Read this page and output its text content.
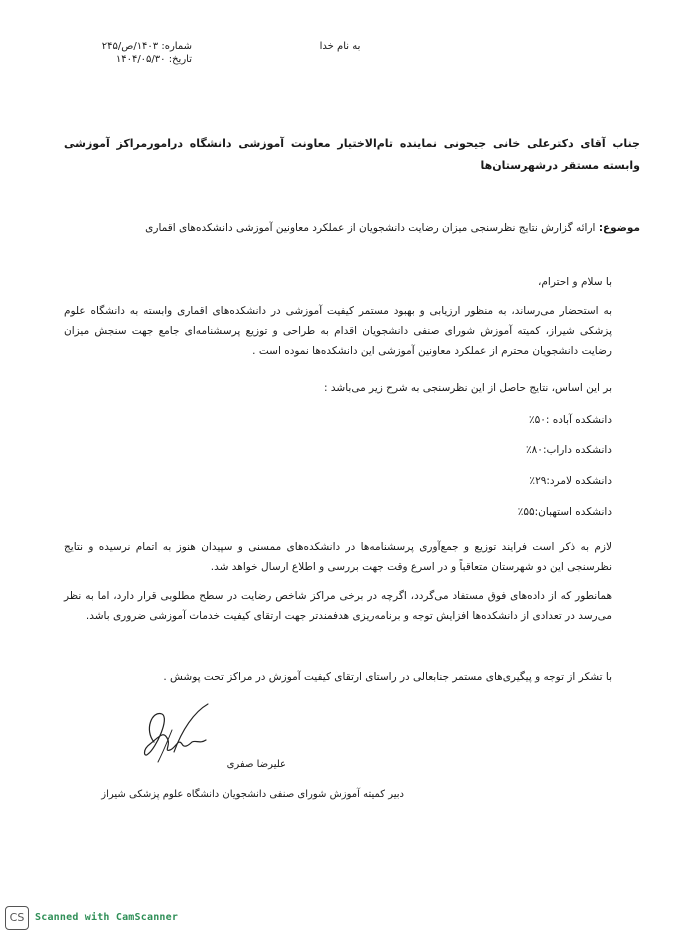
شماره: ۱۴۰۳/ص/۲۴۵
تاریخ: ۱۴۰۴/۰۵/۳۰
به نام خدا
جناب آقای دکترعلی خانی جیحونی نماینده تام‌الاختیار معاونت آموزشی دانشگاه درامورمراکز آموزشی وابسته مستقر درشهرستان‌ها
موضوع: ارائه گزارش نتایج نظرسنجی میزان رضایت دانشجویان از عملکرد معاونین آموزشی دانشکده‌های اقماری
با سلام و احترام،
به استحضار می‌رساند، به منظور ارزیابی و بهبود مستمر کیفیت آموزشی در دانشکده‌های اقماری وابسته به دانشگاه علوم پزشکی شیراز، کمیته آموزش شورای صنفی دانشجویان اقدام به طراحی و توزیع پرسشنامه‌ای جامع جهت سنجش میزان رضایت دانشجویان محترم از عملکرد معاونین آموزشی این دانشکده‌ها نموده است .
بر این اساس، نتایج حاصل از این نظرسنجی به شرح زیر می‌باشد :
دانشکده آباده :۵۰٪
دانشکده داراب:۸۰٪
دانشکده لامرد:۲۹٪
دانشکده استهبان:۵۵٪
لازم به ذکر است فرایند توزیع و جمع‌آوری پرسشنامه‌ها در دانشکده‌های ممسنی و سپیدان هنوز به اتمام نرسیده و نتایج نظرسنجی این دو شهرستان متعاقباً و در اسرع وقت جهت بررسی و اطلاع ارسال خواهد شد.
همانطور که از داده‌های فوق مستفاد می‌گردد، اگرچه در برخی مراکز شاخص رضایت در سطح مطلوبی قرار دارد، اما به نظر می‌رسد در تعدادی از دانشکده‌ها افزایش توجه و برنامه‌ریزی هدفمندتر جهت ارتقای کیفیت خدمات آموزشی ضروری باشد.
با تشکر از توجه و پیگیری‌های مستمر جنابعالی در راستای ارتقای کیفیت آموزش در مراکز تحت پوشش .
علیرضا صفری
دبیر کمیته آموزش شورای صنفی دانشجویان دانشگاه علوم پزشکی شیراز
CS	Scanned with CamScanner
